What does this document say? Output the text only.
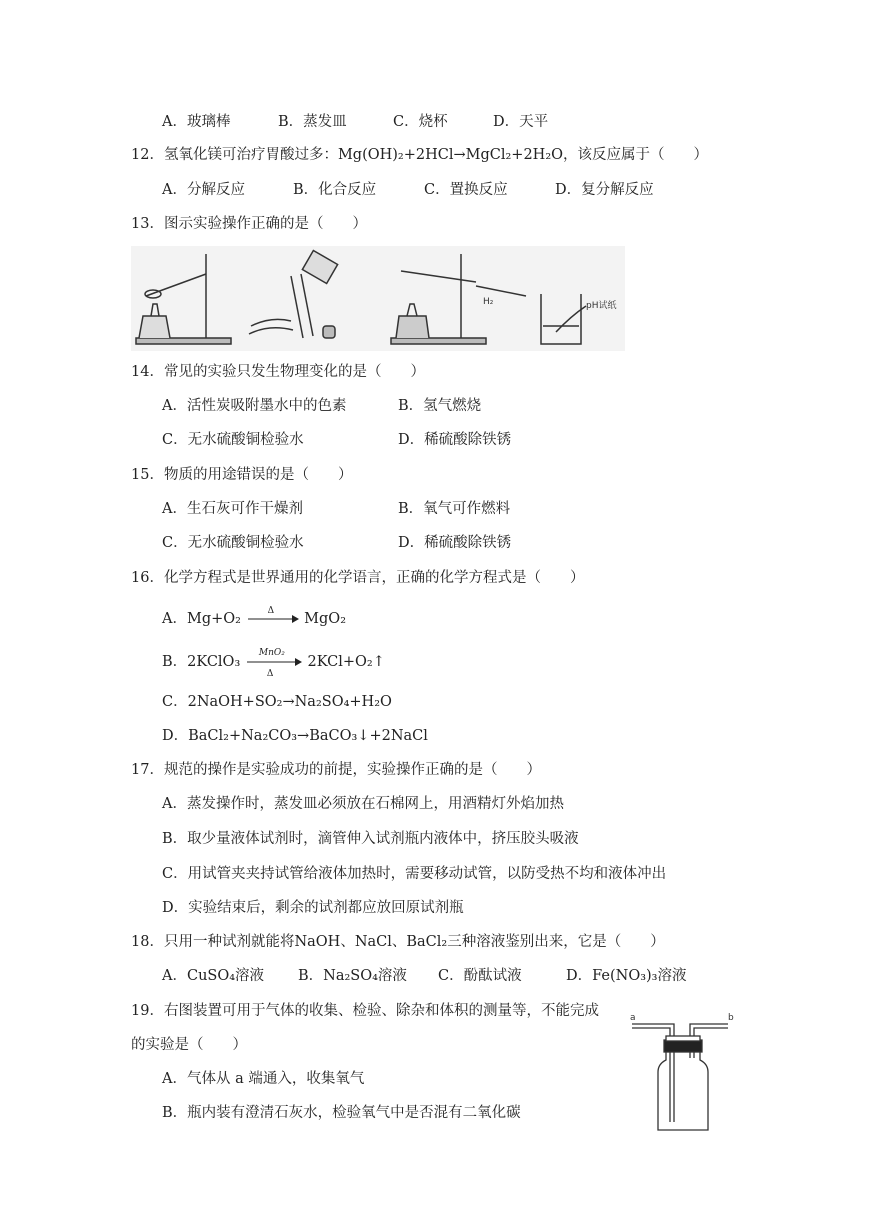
A．玻璃棒	B．蒸发皿	C．烧杯	D．天平
12．氢氧化镁可治疗胃酸过多：Mg(OH)₂+2HCl→MgCl₂+2H₂O，该反应属于（　　）
A．分解反应	B．化合反应	C．置换反应	D．复分解反应
13．图示实验操作正确的是（　　）
H₂	pH试纸
14．常见的实验只发生物理变化的是（　　）
A．活性炭吸附墨水中的色素	B．氢气燃烧
C．无水硫酸铜检验水	D．稀硫酸除铁锈
15．物质的用途错误的是（　　）
A．生石灰可作干燥剂	B．氧气可作燃料
C．无水硫酸铜检验水	D．稀硫酸除铁锈
16．化学方程式是世界通用的化学语言，正确的化学方程式是（　　）
A．Mg+O₂	Δ MgO₂
B．2KClO₃
MnO₂
Δ
2KCl+O₂↑
C．2NaOH+SO₂→Na₂SO₄+H₂O
D．BaCl₂+Na₂CO₃→BaCO₃↓+2NaCl
17．规范的操作是实验成功的前提，实验操作正确的是（　　）
A．蒸发操作时，蒸发皿必须放在石棉网上，用酒精灯外焰加热
B．取少量液体试剂时，滴管伸入试剂瓶内液体中，挤压胶头吸液
C．用试管夹夹持试管给液体加热时，需要移动试管，以防受热不均和液体冲出
D．实验结束后，剩余的试剂都应放回原试剂瓶
18．只用一种试剂就能将NaOH、NaCl、BaCl₂三种溶液鉴别出来，它是（　　）
A．CuSO₄溶液 B．Na₂SO₄溶液 C．酚酞试液	D．Fe(NO₃)₃溶液
19．右图装置可用于气体的收集、检验、除杂和体积的测量等，不能完成
的实验是（　　）
A．气体从 a 端通入，收集氧气
B．瓶内装有澄清石灰水，检验氧气中是否混有二氧化碳
a	b
